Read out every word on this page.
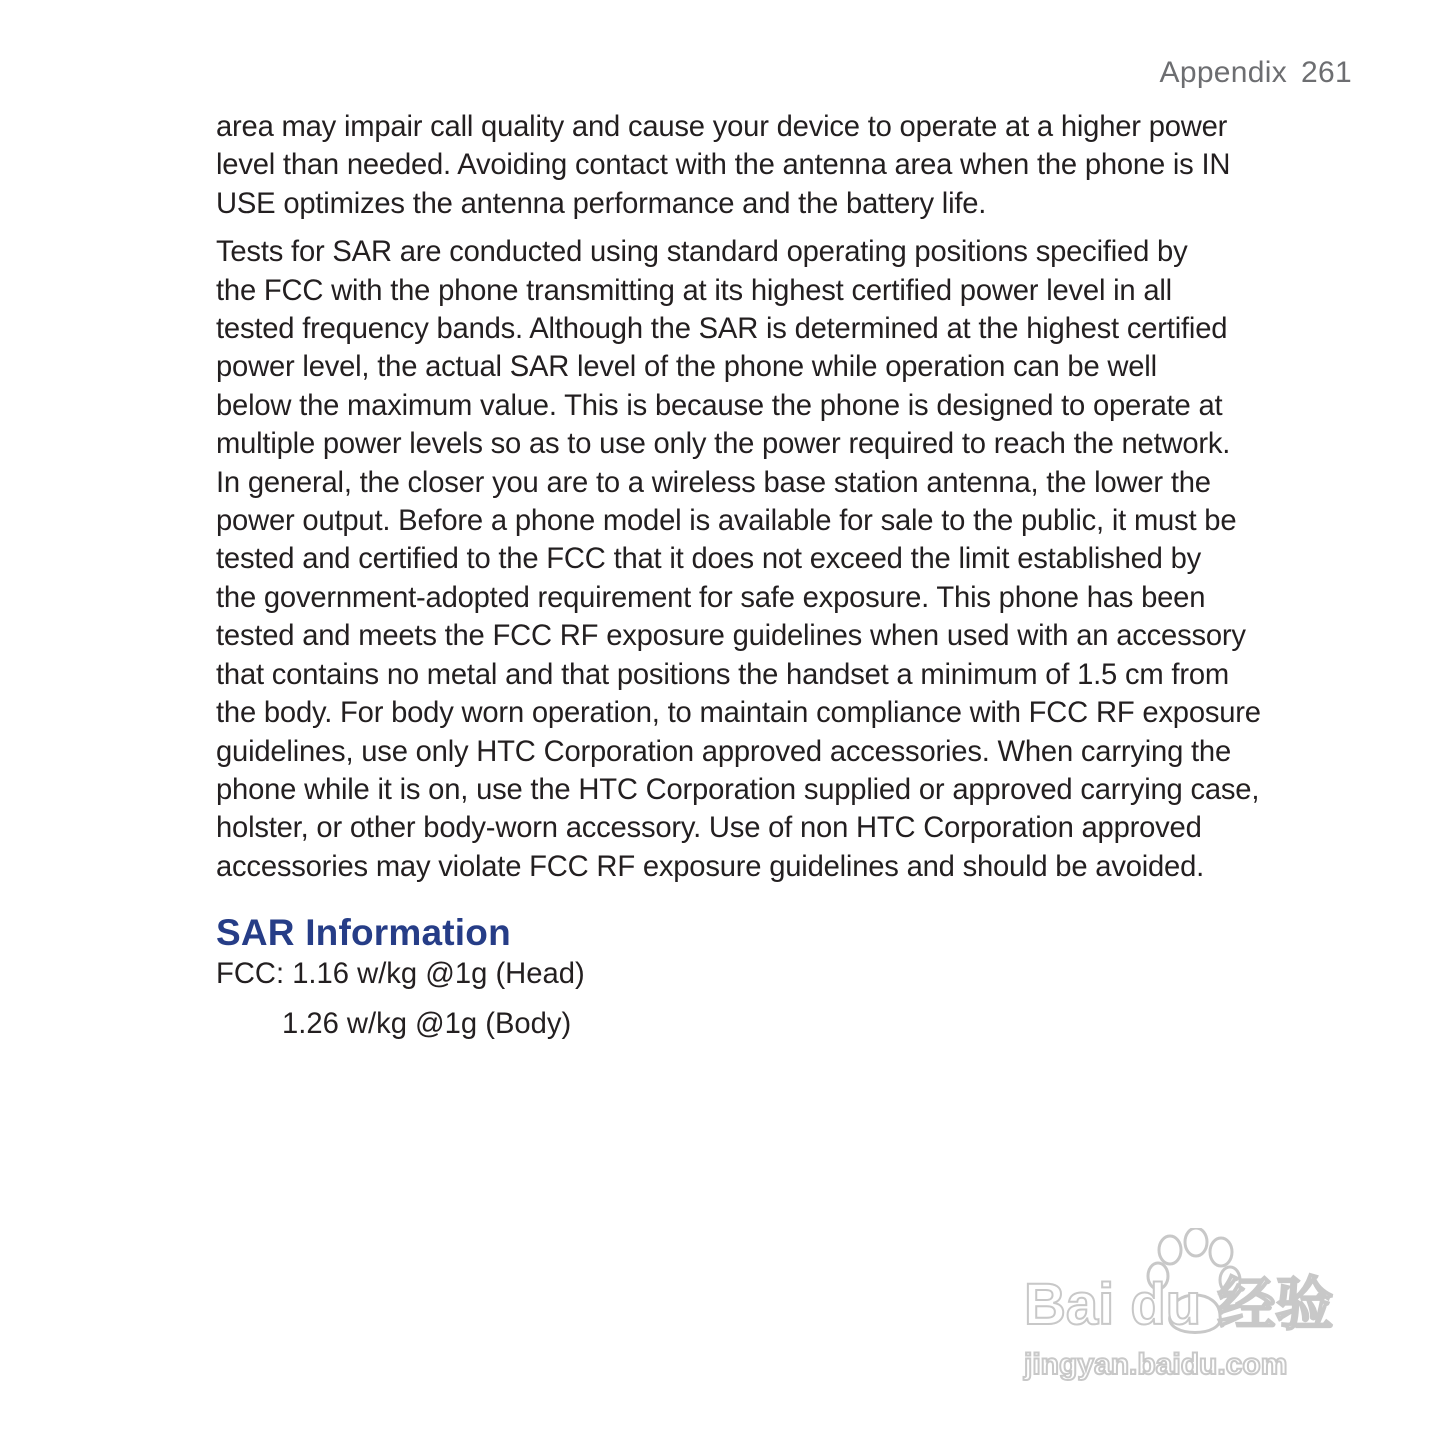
Appendix 261

area may impair call quality and cause your device to operate at a higher power
level than needed. Avoiding contact with the antenna area when the phone is IN
USE optimizes the antenna performance and the battery life.

Tests for SAR are conducted using standard operating positions specified by
the FCC with the phone transmitting at its highest certified power level in all
tested frequency bands. Although the SAR is determined at the highest certified
power level, the actual SAR level of the phone while operation can be well
below the maximum value. This is because the phone is designed to operate at
multiple power levels so as to use only the power required to reach the network.
In general, the closer you are to a wireless base station antenna, the lower the
power output. Before a phone model is available for sale to the public, it must be
tested and certified to the FCC that it does not exceed the limit established by
the government-adopted requirement for safe exposure. This phone has been
tested and meets the FCC RF exposure guidelines when used with an accessory
that contains no metal and that positions the handset a minimum of 1.5 cm from
the body. For body worn operation, to maintain compliance with FCC RF exposure
guidelines, use only HTC Corporation approved accessories. When carrying the
phone while it is on, use the HTC Corporation supplied or approved carrying case,
holster, or other body-worn accessory. Use of non HTC Corporation approved
accessories may violate FCC RF exposure guidelines and should be avoided.

SAR Information
FCC: 1.16 w/kg @1g (Head)
1.26 w/kg @1g (Body)
Bai du 经验
jingyan.baidu.com
